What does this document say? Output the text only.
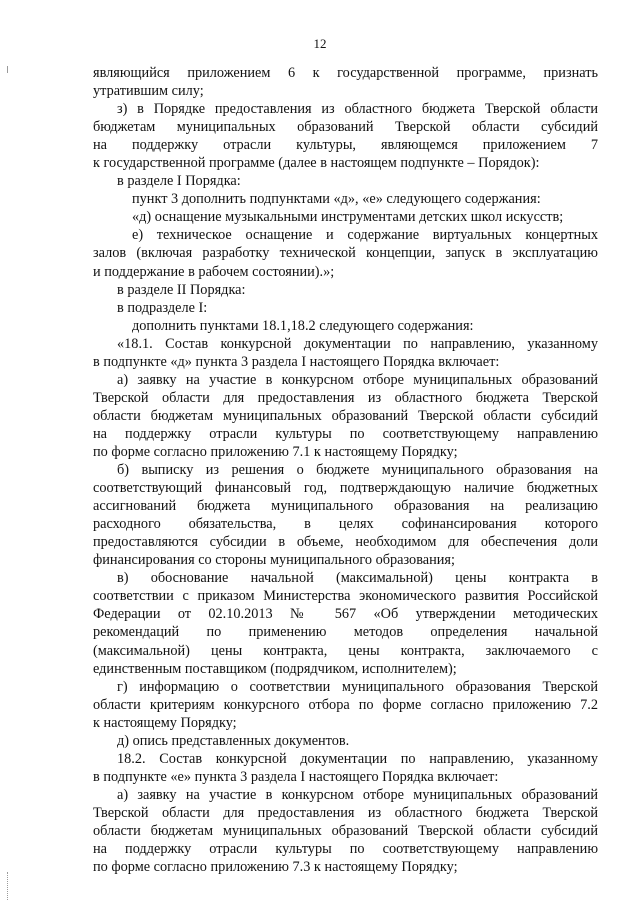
12
являющийся приложением 6 к государственной программе, признать
утратившим силу;
з) в Порядке предоставления из областного бюджета Тверской области
бюджетам муниципальных образований Тверской области субсидий
на поддержку отрасли культуры, являющемся приложением 7
к государственной программе (далее в настоящем подпункте – Порядок):
в разделе I Порядка:
пункт 3 дополнить подпунктами «д», «е» следующего содержания:
«д) оснащение музыкальными инструментами детских школ искусств;
е) техническое оснащение и содержание виртуальных концертных
залов (включая разработку технической концепции, запуск в эксплуатацию
и поддержание в рабочем состоянии).»;
в разделе II Порядка:
в подразделе I:
дополнить пунктами 18.1,18.2 следующего содержания:
«18.1. Состав конкурсной документации по направлению, указанному
в подпункте «д» пункта 3 раздела I настоящего Порядка включает:
а) заявку на участие в конкурсном отборе муниципальных образований
Тверской области для предоставления из областного бюджета Тверской
области бюджетам муниципальных образований Тверской области субсидий
на поддержку отрасли культуры по соответствующему направлению
по форме согласно приложению 7.1 к настоящему Порядку;
б) выписку из решения о бюджете муниципального образования на
соответствующий финансовый год, подтверждающую наличие бюджетных
ассигнований бюджета муниципального образования на реализацию
расходного обязательства, в целях софинансирования которого
предоставляются субсидии в объеме, необходимом для обеспечения доли
финансирования со стороны муниципального образования;
в) обоснование начальной (максимальной) цены контракта в
соответствии с приказом Министерства экономического развития Российской
Федерации от 02.10.2013 № 567 «Об утверждении методических
рекомендаций по применению методов определения начальной
(максимальной) цены контракта, цены контракта, заключаемого с
единственным поставщиком (подрядчиком, исполнителем);
г) информацию о соответствии муниципального образования Тверской
области критериям конкурсного отбора по форме согласно приложению 7.2
к настоящему Порядку;
д) опись представленных документов.
18.2. Состав конкурсной документации по направлению, указанному
в подпункте «е» пункта 3 раздела I настоящего Порядка включает:
а) заявку на участие в конкурсном отборе муниципальных образований
Тверской области для предоставления из областного бюджета Тверской
области бюджетам муниципальных образований Тверской области субсидий
на поддержку отрасли культуры по соответствующему направлению
по форме согласно приложению 7.3 к настоящему Порядку;
